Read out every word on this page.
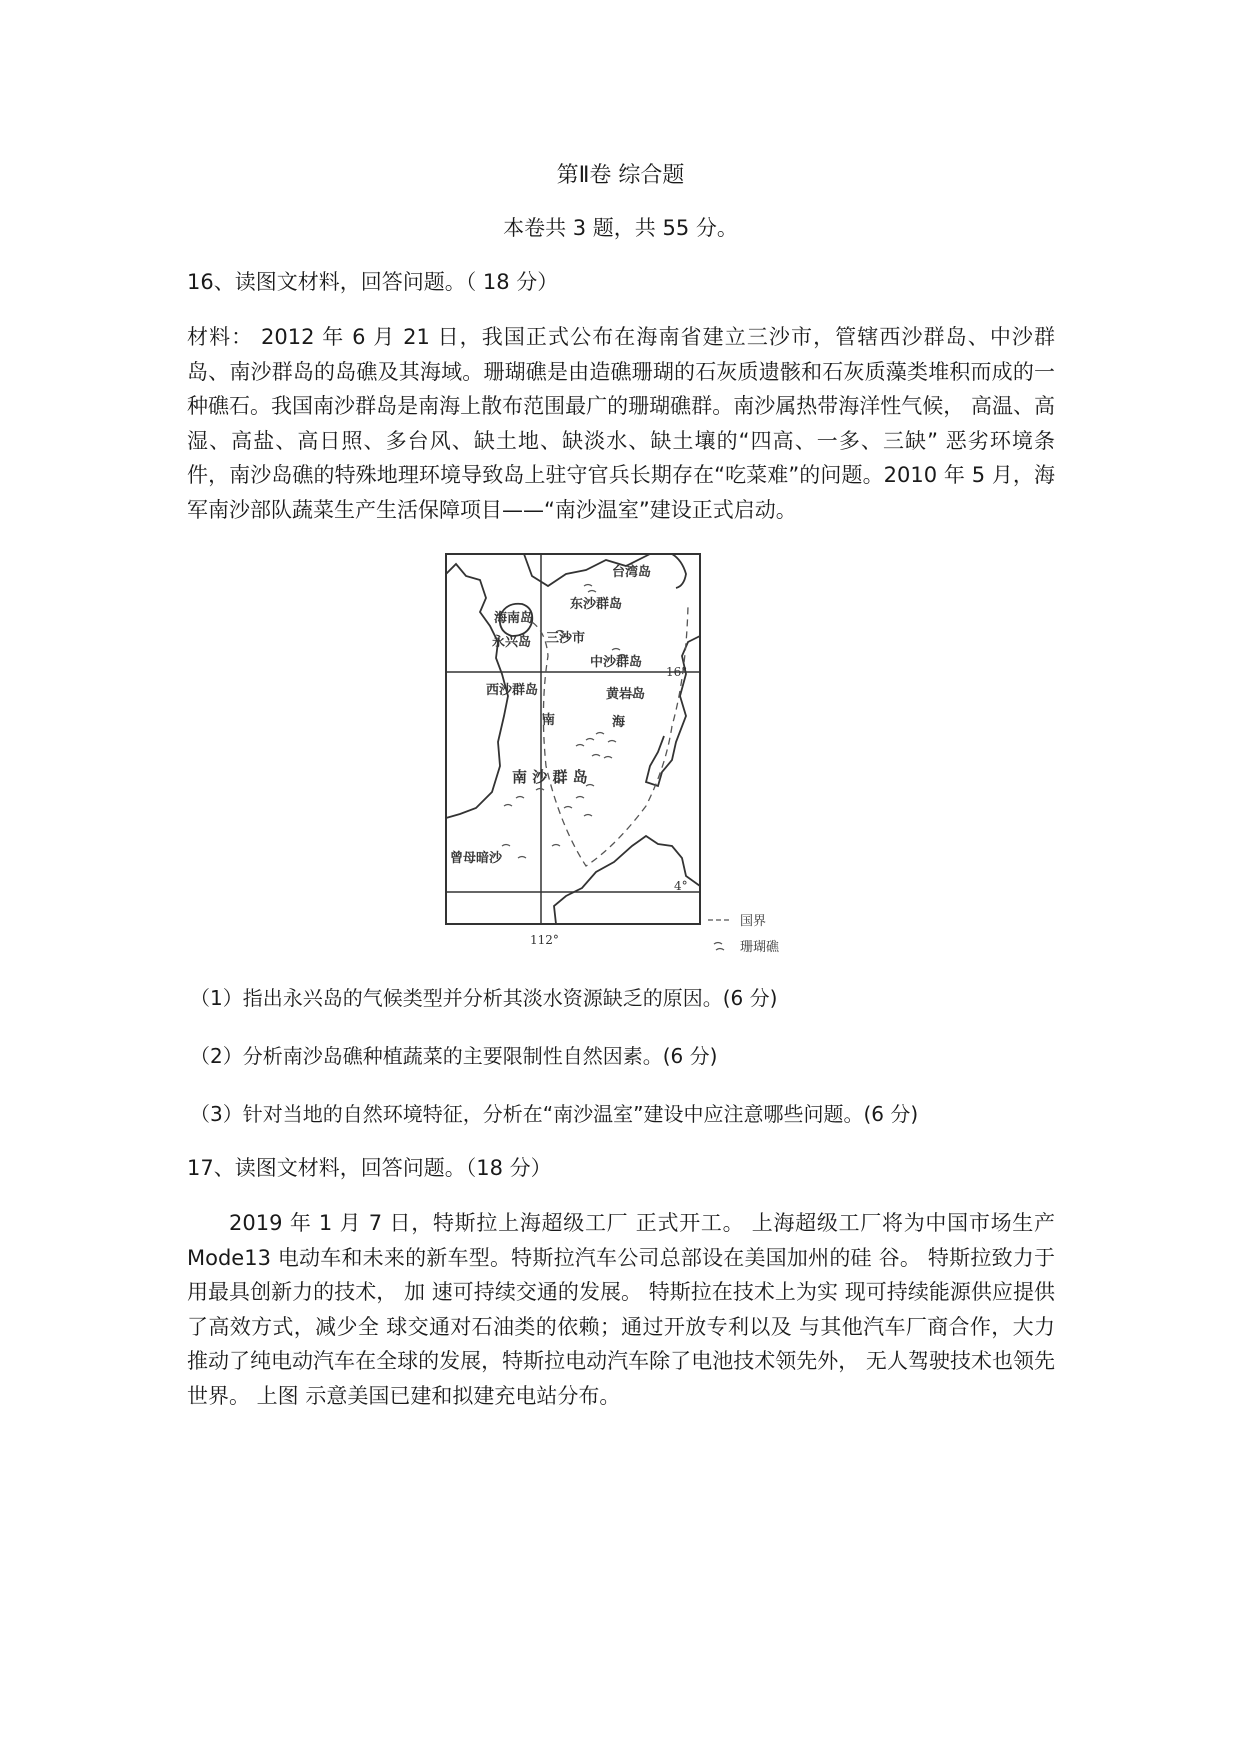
第Ⅱ卷 综合题
本卷共 3 题，共 55 分。
16、读图文材料，回答问题。（ 18 分）
材料： 2012 年 6 月 21 日，我国正式公布在海南省建立三沙市，管辖西沙群岛、中沙群岛、南沙群岛的岛礁及其海域。珊瑚礁是由造礁珊瑚的石灰质遗骸和石灰质藻类堆积而成的一种礁石。我国南沙群岛是南海上散布范围最广的珊瑚礁群。南沙属热带海洋性气候， 高温、高湿、高盐、高日照、多台风、缺土地、缺淡水、缺土壤的“四高、一多、三缺” 恶劣环境条件，南沙岛礁的特殊地理环境导致岛上驻守官兵长期存在“吃菜难”的问题。2010 年 5 月，海军南沙部队蔬菜生产生活保障项目——“南沙温室”建设正式启动。
台湾岛
东沙群岛
海南岛
永兴岛 三沙市
中沙群岛
西沙群岛	黄岩岛
南	海
南 沙 群 岛
曾母暗沙
16°
4°
112°
国界
珊瑚礁
（1）指出永兴岛的气候类型并分析其淡水资源缺乏的原因。(6 分)
（2）分析南沙岛礁种植蔬菜的主要限制性自然因素。(6 分)
（3）针对当地的自然环境特征，分析在“南沙温室”建设中应注意哪些问题。(6 分)
17、读图文材料，回答问题。（18 分）
2019 年 1 月 7 日，特斯拉上海超级工厂 正式开工。 上海超级工厂将为中国市场生产 Mode13 电动车和未来的新车型。特斯拉汽车公司总部设在美国加州的硅 谷。 特斯拉致力于用最具创新力的技术， 加 速可持续交通的发展。 特斯拉在技术上为实 现可持续能源供应提供了高效方式，减少全 球交通对石油类的依赖；通过开放专利以及 与其他汽车厂商合作，大力推动了纯电动汽车在全球的发展，特斯拉电动汽车除了电池技术领先外， 无人驾驶技术也领先世界。 上图 示意美国已建和拟建充电站分布。
